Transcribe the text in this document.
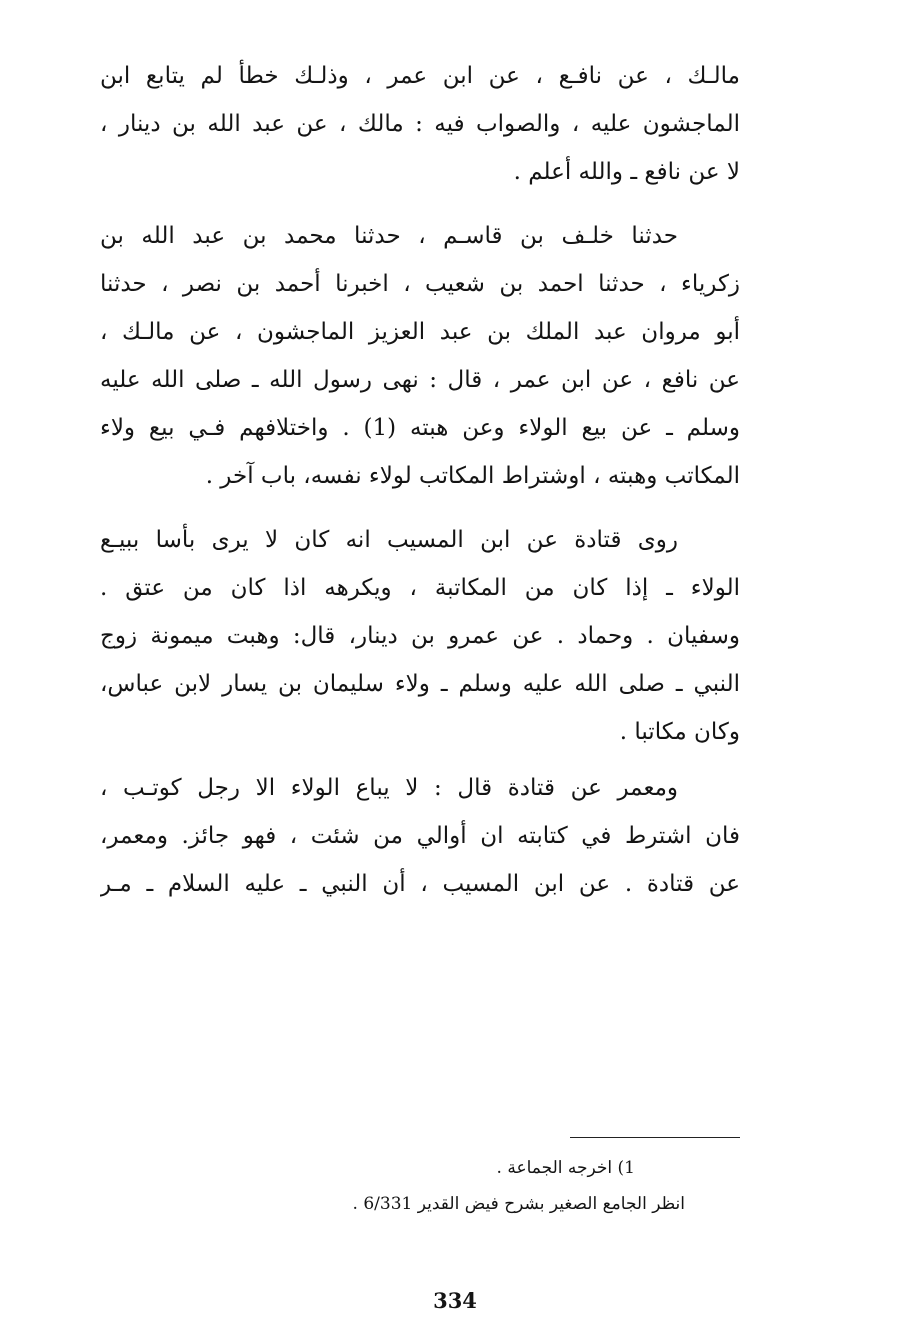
مالـك ، عن نافـع ، عن ابن عمر ، وذلـك خطأ لم يتابع ابن
الماجشون عليه ، والصواب فيه : مالك ، عن عبد الله بن دينار ،
لا عن نافع ـ والله أعلم .
حدثنا خلـف بن قاسـم ، حدثنا محمد بن عبد الله بن
زكرياء ، حدثنا احمد بن شعيب ، اخبرنا أحمد بن نصر ، حدثنا
أبو مروان عبد الملك بن عبد العزيز الماجشون ، عن مالـك ،
عن نافع ، عن ابن عمر ، قال : نهى رسول الله ـ صلى الله عليه
وسلم ـ عن بيع الولاء وعن هبته (1) . واختلافهم فـي بيع ولاء
المكاتب وهبته ، اوشتراط المكاتب لولاء نفسه، باب آخر .
روى قتادة عن ابن المسيب انه كان لا يرى بأسا ببيـع
الولاء ـ إذا كان من المكاتبة ، ويكرهه اذا كان من عتق .
وسفيان . وحماد . عن عمرو بن دينار، قال: وهبت ميمونة زوج
النبي ـ صلى الله عليه وسلم ـ ولاء سليمان بن يسار لابن عباس،
وكان مكاتبا .
ومعمر عن قتادة قال : لا يباع الولاء الا رجل كوتـب ،
فان اشترط في كتابته ان أوالي من شئت ، فهو جائز. ومعمر،
عن قتادة . عن ابن المسيب ، أن النبي ـ عليه السلام ـ مـر
1) اخرجه الجماعة .
انظر الجامع الصغير بشرح فيض القدير 6/331 .
334
